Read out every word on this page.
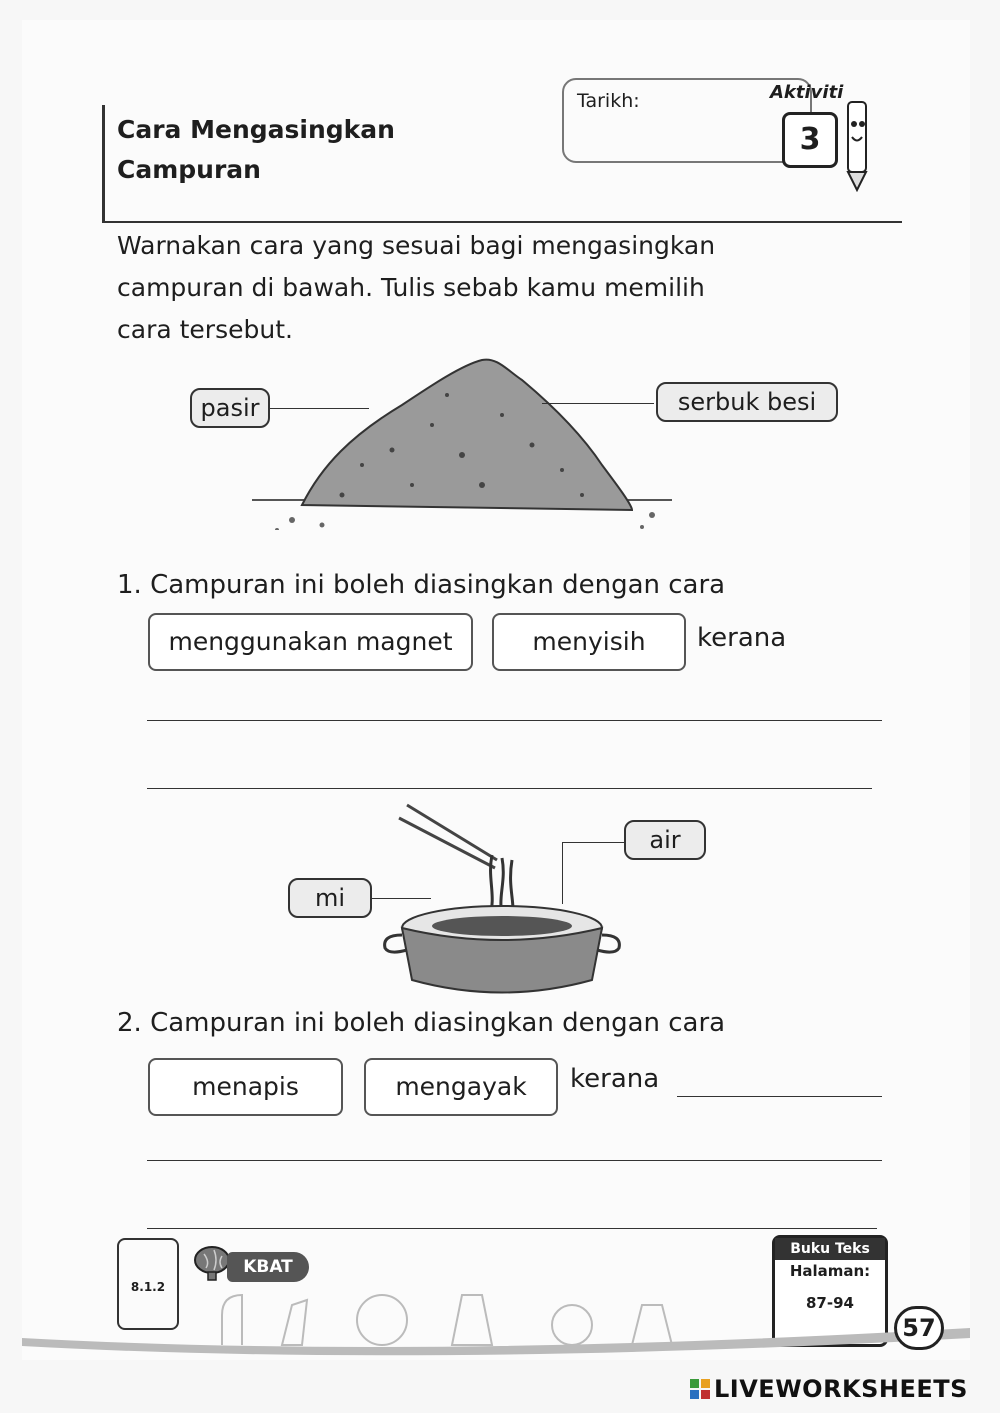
Cara Mengasingkan
Campuran
Tarikh:	Aktiviti
3
Warnakan cara yang sesuai bagi mengasingkan
campuran di bawah. Tulis sebab kamu memilih
cara tersebut.
pasir	serbuk besi
1. Campuran ini boleh diasingkan dengan cara
menggunakan magnet	menyisih	kerana
mi
air
2. Campuran ini boleh diasingkan dengan cara
menapis	mengayak	kerana
8.1.2
KBAT
Buku Teks
Halaman:
87-94
57
LIVEWORKSHEETS
